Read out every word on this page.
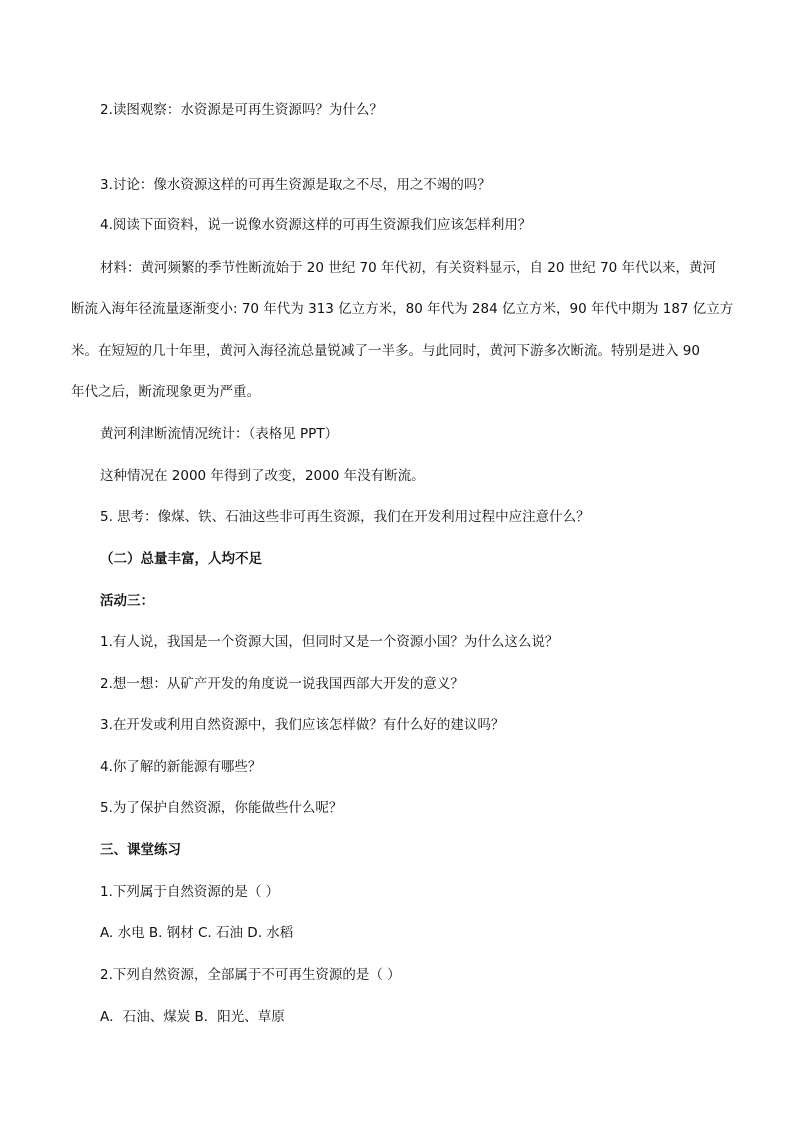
2.读图观察：水资源是可再生资源吗？为什么？
3.讨论：像水资源这样的可再生资源是取之不尽，用之不竭的吗？
4.阅读下面资料，说一说像水资源这样的可再生资源我们应该怎样利用？
材料：黄河频繁的季节性断流始于 20 世纪 70 年代初，有关资料显示，自 20 世纪 70 年代以来，黄河
断流入海年径流量逐渐变小: 70 年代为 313 亿立方米，80 年代为 284 亿立方米，90 年代中期为 187 亿立方
米。在短短的几十年里，黄河入海径流总量锐减了一半多。与此同时，黄河下游多次断流。特别是进入 90
年代之后，断流现象更为严重。
黄河利津断流情况统计：（表格见 PPT）
这种情况在 2000 年得到了改变，2000 年没有断流。
5. 思考：像煤、铁、石油这些非可再生资源，我们在开发利用过程中应注意什么？
（二）总量丰富，人均不足
活动三：
1.有人说，我国是一个资源大国，但同时又是一个资源小国？为什么这么说？
2.想一想：从矿产开发的角度说一说我国西部大开发的意义？
3.在开发或利用自然资源中，我们应该怎样做？有什么好的建议吗？
4.你了解的新能源有哪些？
5.为了保护自然资源，你能做些什么呢？
三、课堂练习
1.下列属于自然资源的是（ ）
A. 水电 B. 钢材 C. 石油 D. 水稻
2.下列自然资源，全部属于不可再生资源的是（ ）
A．石油、煤炭 B．阳光、草原
